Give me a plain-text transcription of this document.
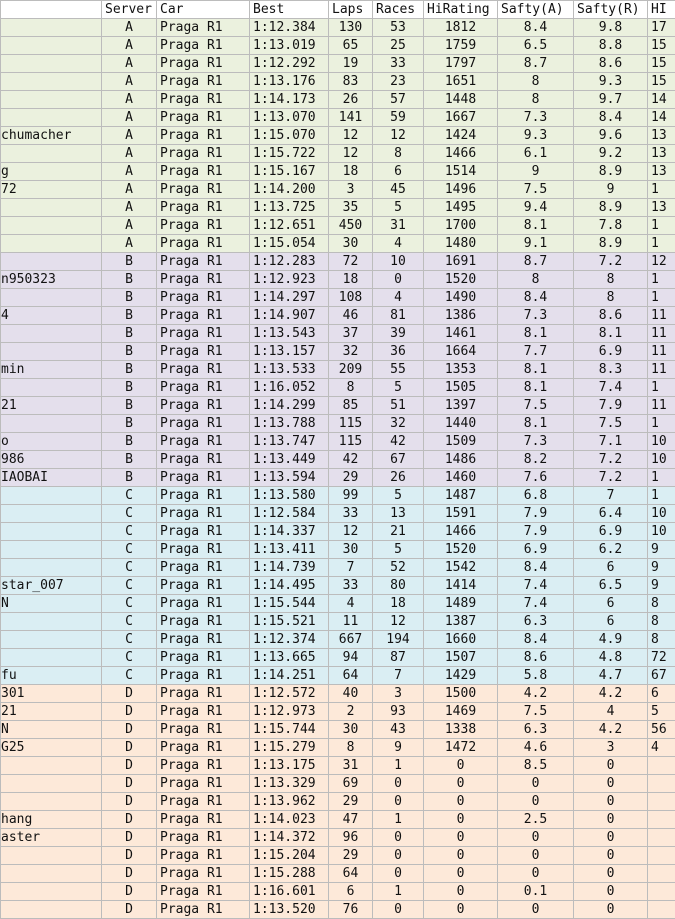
	Server	Car	Best	Laps	Races	HiRating	Safty(A)	Safty(R)	HI
	A	Praga R1	1:12.384	130	53	1812	8.4	9.8	17
	A	Praga R1	1:13.019	65	25	1759	6.5	8.8	15
	A	Praga R1	1:12.292	19	33	1797	8.7	8.6	15
	A	Praga R1	1:13.176	83	23	1651	8	9.3	15
	A	Praga R1	1:14.173	26	57	1448	8	9.7	14
	A	Praga R1	1:13.070	141	59	1667	7.3	8.4	14
chumacher	A	Praga R1	1:15.070	12	12	1424	9.3	9.6	13
	A	Praga R1	1:15.722	12	8	1466	6.1	9.2	13
g	A	Praga R1	1:15.167	18	6	1514	9	8.9	13
72	A	Praga R1	1:14.200	3	45	1496	7.5	9	1
	A	Praga R1	1:13.725	35	5	1495	9.4	8.9	13
	A	Praga R1	1:12.651	450	31	1700	8.1	7.8	1
	A	Praga R1	1:15.054	30	4	1480	9.1	8.9	1
	B	Praga R1	1:12.283	72	10	1691	8.7	7.2	12
n950323	B	Praga R1	1:12.923	18	0	1520	8	8	1
	B	Praga R1	1:14.297	108	4	1490	8.4	8	1
4	B	Praga R1	1:14.907	46	81	1386	7.3	8.6	11
	B	Praga R1	1:13.543	37	39	1461	8.1	8.1	11
	B	Praga R1	1:13.157	32	36	1664	7.7	6.9	11
min	B	Praga R1	1:13.533	209	55	1353	8.1	8.3	11
	B	Praga R1	1:16.052	8	5	1505	8.1	7.4	1
21	B	Praga R1	1:14.299	85	51	1397	7.5	7.9	11
	B	Praga R1	1:13.788	115	32	1440	8.1	7.5	1
o	B	Praga R1	1:13.747	115	42	1509	7.3	7.1	10
986	B	Praga R1	1:13.449	42	67	1486	8.2	7.2	10
IAOBAI	B	Praga R1	1:13.594	29	26	1460	7.6	7.2	1
	C	Praga R1	1:13.580	99	5	1487	6.8	7	1
	C	Praga R1	1:12.584	33	13	1591	7.9	6.4	10
	C	Praga R1	1:14.337	12	21	1466	7.9	6.9	10
	C	Praga R1	1:13.411	30	5	1520	6.9	6.2	9
	C	Praga R1	1:14.739	7	52	1542	8.4	6	9
star_007	C	Praga R1	1:14.495	33	80	1414	7.4	6.5	9
N	C	Praga R1	1:15.544	4	18	1489	7.4	6	8
	C	Praga R1	1:15.521	11	12	1387	6.3	6	8
	C	Praga R1	1:12.374	667	194	1660	8.4	4.9	8
	C	Praga R1	1:13.665	94	87	1507	8.6	4.8	72
fu	C	Praga R1	1:14.251	64	7	1429	5.8	4.7	67
301	D	Praga R1	1:12.572	40	3	1500	4.2	4.2	6
21	D	Praga R1	1:12.973	2	93	1469	7.5	4	5
N	D	Praga R1	1:15.744	30	43	1338	6.3	4.2	56
G25	D	Praga R1	1:15.279	8	9	1472	4.6	3	4
	D	Praga R1	1:13.175	31	1	0	8.5	0	
	D	Praga R1	1:13.329	69	0	0	0	0	
	D	Praga R1	1:13.962	29	0	0	0	0	
hang	D	Praga R1	1:14.023	47	1	0	2.5	0	
aster	D	Praga R1	1:14.372	96	0	0	0	0	
	D	Praga R1	1:15.204	29	0	0	0	0	
	D	Praga R1	1:15.288	64	0	0	0	0	
	D	Praga R1	1:16.601	6	1	0	0.1	0	
	D	Praga R1	1:13.520	76	0	0	0	0	
